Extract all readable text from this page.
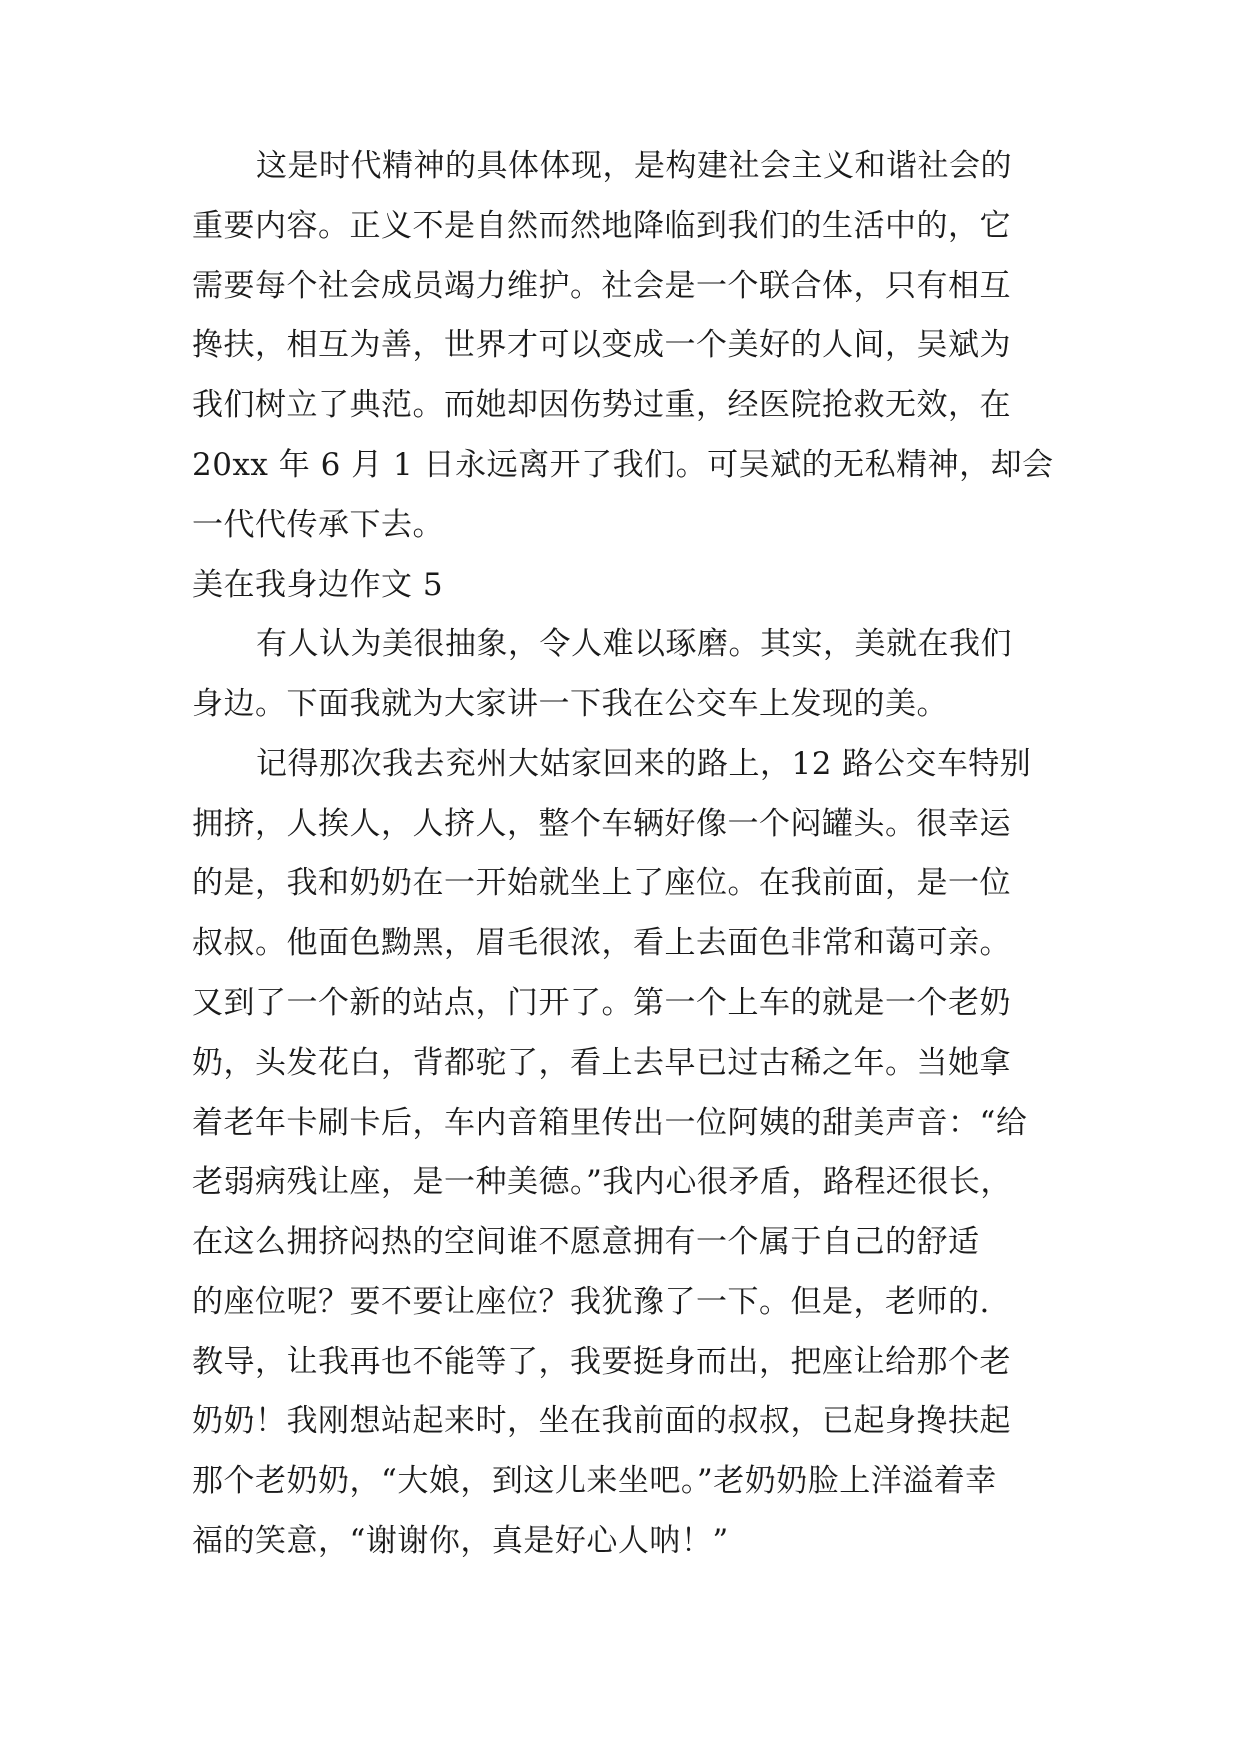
这是时代精神的具体体现，是构建社会主义和谐社会的
重要内容。正义不是自然而然地降临到我们的生活中的，它
需要每个社会成员竭力维护。社会是一个联合体，只有相互
搀扶，相互为善，世界才可以变成一个美好的人间，吴斌为
我们树立了典范。而她却因伤势过重，经医院抢救无效，在
20xx 年 6 月 1 日永远离开了我们。可吴斌的无私精神，却会
一代代传承下去。
美在我身边作文 5
有人认为美很抽象，令人难以琢磨。其实，美就在我们
身边。下面我就为大家讲一下我在公交车上发现的美。
记得那次我去兖州大姑家回来的路上，12 路公交车特别
拥挤，人挨人，人挤人，整个车辆好像一个闷罐头。很幸运
的是，我和奶奶在一开始就坐上了座位。在我前面，是一位
叔叔。他面色黝黑，眉毛很浓，看上去面色非常和蔼可亲。
又到了一个新的站点，门开了。第一个上车的就是一个老奶
奶，头发花白，背都驼了，看上去早已过古稀之年。当她拿
着老年卡刷卡后，车内音箱里传出一位阿姨的甜美声音：“给
老弱病残让座，是一种美德。”我内心很矛盾，路程还很长，
在这么拥挤闷热的空间谁不愿意拥有一个属于自己的舒适
的座位呢？要不要让座位？我犹豫了一下。但是，老师的.
教导，让我再也不能等了，我要挺身而出，把座让给那个老
奶奶！我刚想站起来时，坐在我前面的叔叔，已起身搀扶起
那个老奶奶，“大娘，到这儿来坐吧。”老奶奶脸上洋溢着幸
福的笑意，“谢谢你，真是好心人呐！”
